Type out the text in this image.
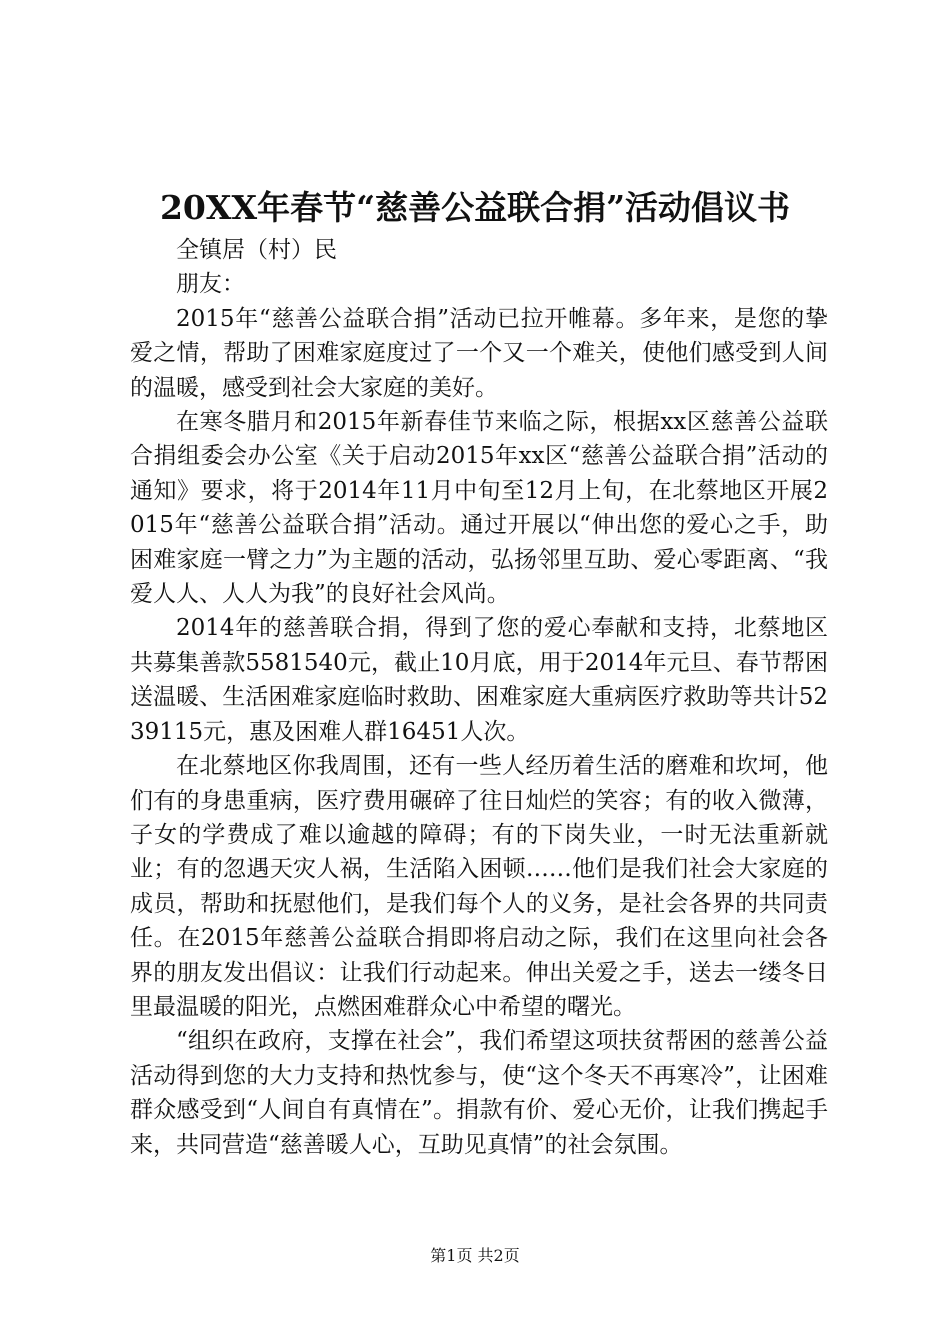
20XX年春节“慈善公益联合捐”活动倡议书

全镇居（村）民

朋友：

2015年“慈善公益联合捐”活动已拉开帷幕。多年来，是您的挚爱之情，帮助了困难家庭度过了一个又一个难关，使他们感受到人间的温暖，感受到社会大家庭的美好。

在寒冬腊月和2015年新春佳节来临之际，根据xx区慈善公益联合捐组委会办公室《关于启动2015年xx区“慈善公益联合捐”活动的通知》要求，将于2014年11月中旬至12月上旬，在北蔡地区开展2015年“慈善公益联合捐”活动。通过开展以“伸出您的爱心之手，助困难家庭一臂之力”为主题的活动，弘扬邻里互助、爱心零距离、“我爱人人、人人为我”的良好社会风尚。

2014年的慈善联合捐，得到了您的爱心奉献和支持，北蔡地区共募集善款5581540元，截止10月底，用于2014年元旦、春节帮困送温暖、生活困难家庭临时救助、困难家庭大重病医疗救助等共计5239115元，惠及困难人群16451人次。

在北蔡地区你我周围，还有一些人经历着生活的磨难和坎坷，他们有的身患重病，医疗费用碾碎了往日灿烂的笑容；有的收入微薄，子女的学费成了难以逾越的障碍；有的下岗失业，一时无法重新就业；有的忽遇天灾人祸，生活陷入困顿……他们是我们社会大家庭的成员，帮助和抚慰他们，是我们每个人的义务，是社会各界的共同责任。在2015年慈善公益联合捐即将启动之际，我们在这里向社会各界的朋友发出倡议：让我们行动起来。伸出关爱之手，送去一缕冬日里最温暖的阳光，点燃困难群众心中希望的曙光。

“组织在政府，支撑在社会”，我们希望这项扶贫帮困的慈善公益活动得到您的大力支持和热忱参与，使“这个冬天不再寒冷”，让困难群众感受到“人间自有真情在”。捐款有价、爱心无价，让我们携起手来，共同营造“慈善暖人心，互助见真情”的社会氛围。

第1页 共2页
